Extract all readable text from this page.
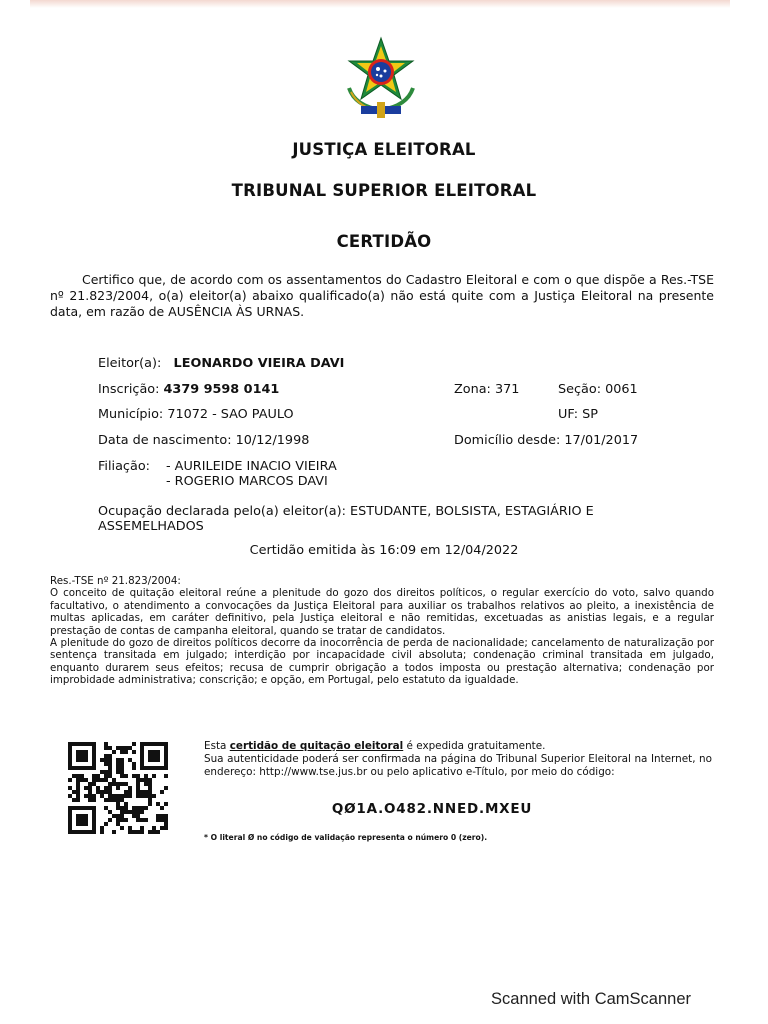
JUSTIÇA ELEITORAL
TRIBUNAL SUPERIOR ELEITORAL
CERTIDÃO
Certifico que, de acordo com os assentamentos do Cadastro Eleitoral e com o que dispõe a Res.-TSE nº 21.823/2004, o(a) eleitor(a) abaixo qualificado(a) não está quite com a Justiça Eleitoral na presente data, em razão de AUSÊNCIA ÀS URNAS.
Eleitor(a): LEONARDO VIEIRA DAVI
Inscrição: 4379 9598 0141	Zona: 371	Seção: 0061
Município: 71072 - SAO PAULO	UF: SP
Data de nascimento: 10/12/1998	Domicílio desde: 17/01/2017
Filiação: - AURILEIDE INACIO VIEIRA
- ROGERIO MARCOS DAVI
Ocupação declarada pelo(a) eleitor(a): ESTUDANTE, BOLSISTA, ESTAGIÁRIO E
ASSEMELHADOS
Certidão emitida às 16:09 em 12/04/2022
Res.-TSE nº 21.823/2004:
O conceito de quitação eleitoral reúne a plenitude do gozo dos direitos políticos, o regular exercício do voto, salvo quando facultativo, o atendimento a convocações da Justiça Eleitoral para auxiliar os trabalhos relativos ao pleito, a inexistência de multas aplicadas, em caráter definitivo, pela Justiça eleitoral e não remitidas, excetuadas as anistias legais, e a regular prestação de contas de campanha eleitoral, quando se tratar de candidatos.
A plenitude do gozo de direitos políticos decorre da inocorrência de perda de nacionalidade; cancelamento de naturalização por sentença transitada em julgado; interdição por incapacidade civil absoluta; condenação criminal transitada em julgado, enquanto durarem seus efeitos; recusa de cumprir obrigação a todos imposta ou prestação alternativa; condenação por improbidade administrativa; conscrição; e opção, em Portugal, pelo estatuto da igualdade.
Esta certidão de quitação eleitoral é expedida gratuitamente.
Sua autenticidade poderá ser confirmada na página do Tribunal Superior Eleitoral na Internet, no endereço: http://www.tse.jus.br ou pelo aplicativo e-Título, por meio do código:
QØ1A.O482.NNED.MXEU
* O literal Ø no código de validação representa o número 0 (zero).
Scanned with CamScanner
